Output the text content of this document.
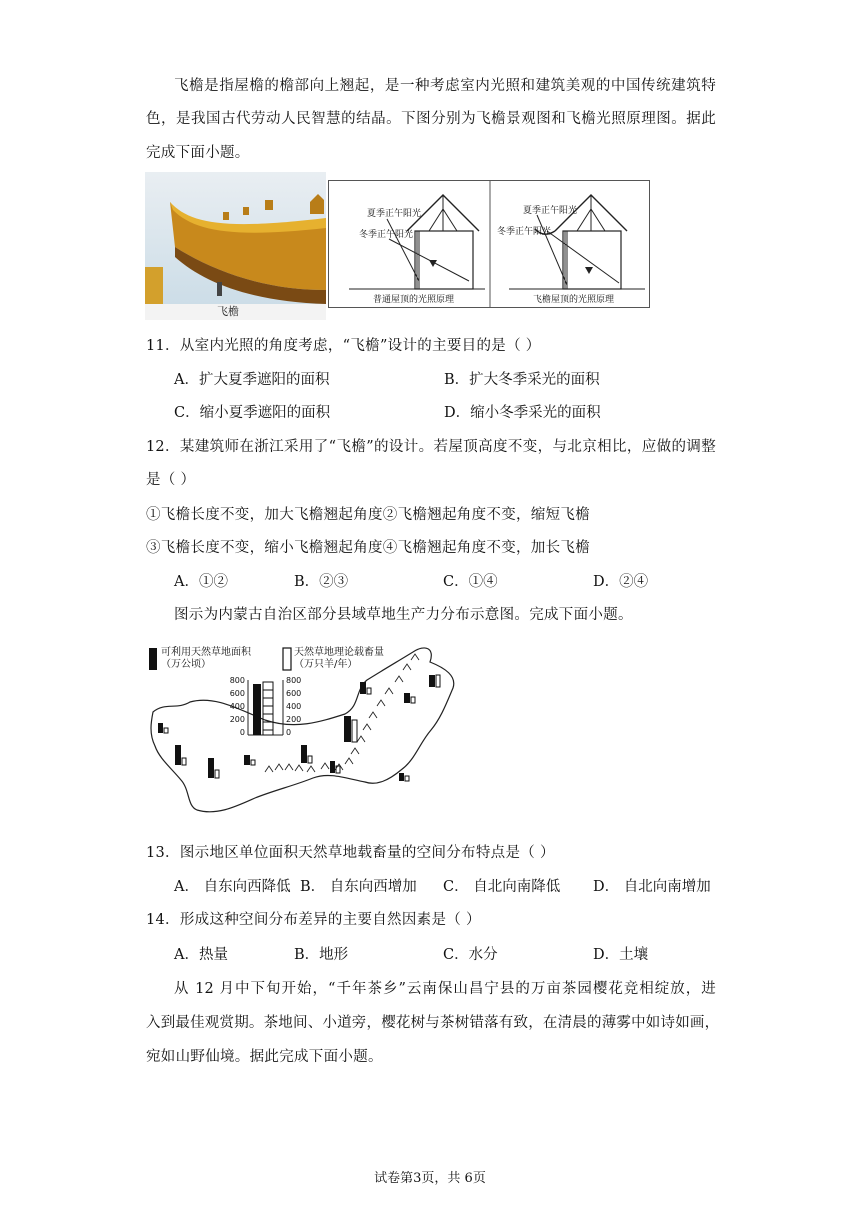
飞檐是指屋檐的檐部向上翘起，是一种考虑室内光照和建筑美观的中国传统建筑特
色，是我国古代劳动人民智慧的结晶。下图分别为飞檐景观图和飞檐光照原理图。据此
完成下面小题。
飞檐
夏季正午阳光
冬季正午阳光
普通屋顶的光照原理
夏季正午阳光
冬季正午阳光
飞檐屋顶的光照原理
11．从室内光照的角度考虑，“飞檐”设计的主要目的是（ ）
A．扩大夏季遮阳的面积	B．扩大冬季采光的面积
C．缩小夏季遮阳的面积	D．缩小冬季采光的面积
12．某建筑师在浙江采用了“飞檐”的设计。若屋顶高度不变，与北京相比，应做的调整
是（ ）
①飞檐长度不变，加大飞檐翘起角度②飞檐翘起角度不变，缩短飞檐
③飞檐长度不变，缩小飞檐翘起角度④飞檐翘起角度不变，加长飞檐
A．①②	B．②③	C．①④	D．②④
图示为内蒙古自治区部分县域草地生产力分布示意图。完成下面小题。
可利用天然草地面积
（万公顷）
天然草地理论载畜量
（万只羊/年）
800
600
400
200
0
800
600
400
200
0
13．图示地区单位面积天然草地载畜量的空间分布特点是（ ）
A． 自东向西降低 B． 自东向西增加 C． 自北向南降低 D． 自北向南增加
14．形成这种空间分布差异的主要自然因素是（ ）
A．热量	B．地形	C．水分	D．土壤
从 12 月中下旬开始，“千年茶乡”云南保山昌宁县的万亩茶园樱花竞相绽放，进
入到最佳观赏期。茶地间、小道旁，樱花树与茶树错落有致，在清晨的薄雾中如诗如画，
宛如山野仙境。据此完成下面小题。
试卷第3页，共 6页
